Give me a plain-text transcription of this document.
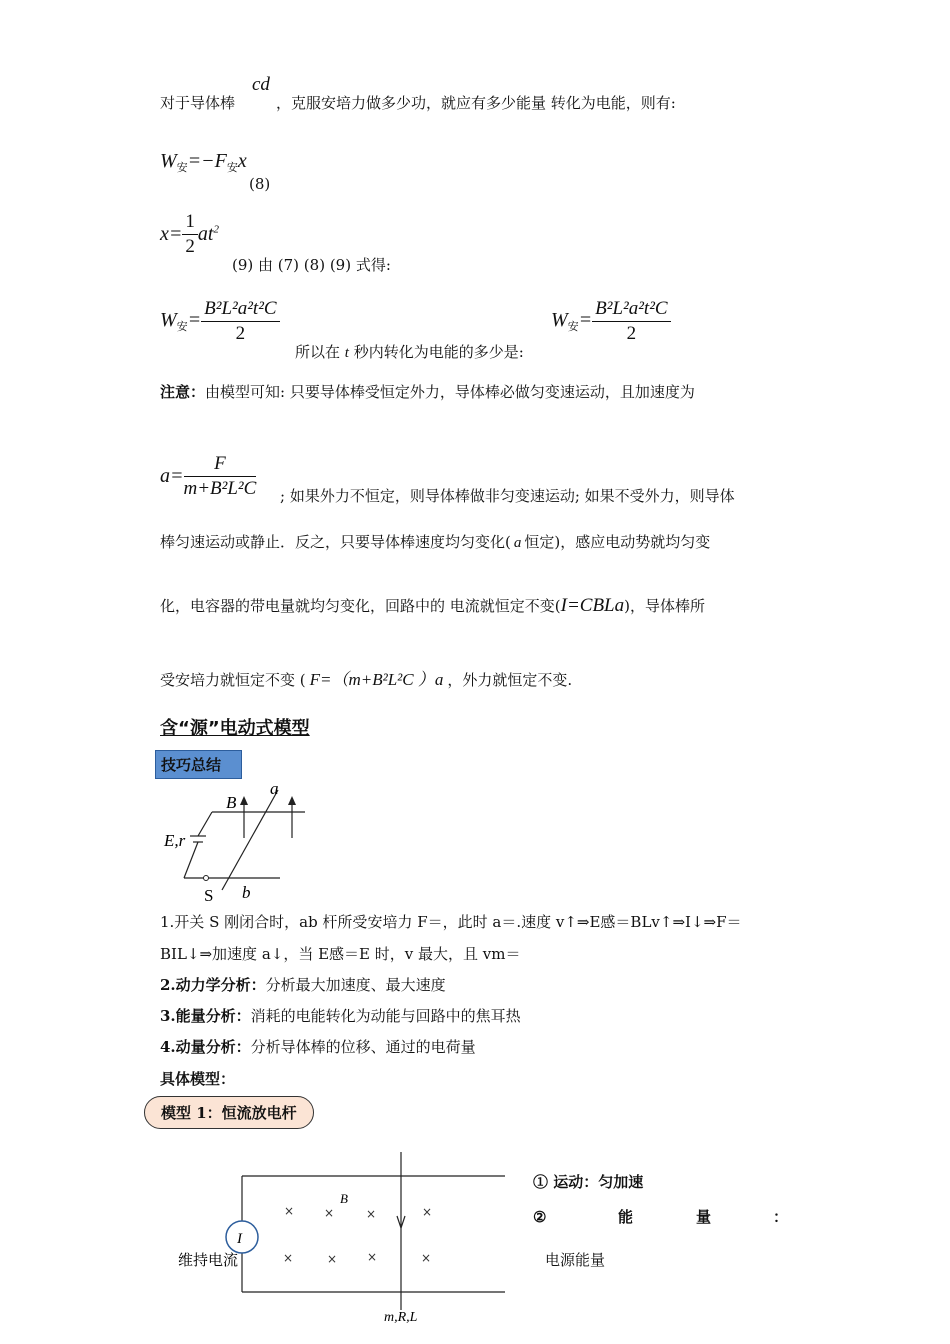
对于导体棒
cd
，克服安培力做多少功，就应有多少能量 转化为电能，则有:
$W_安=-F_安x$
(8)
$x= \frac{1}{2} at^2$
(9) 由 (7) (8) (9) 式得:
$W_安= \frac{\text{B²L²a²t²C}}{2}$
所以在 t 秒内转化为电能的多少是:
$W_安= \frac{\text{B²L²a²t²C}}{2}$
注意：由模型可知: 只要导体棒受恒定外力，导体棒必做匀变速运动，且加速度为
$a= \frac{F}{\text{m+B²L²C}}$ ; 如果外力不恒定，则导体棒做非匀变速运动; 如果不受外力，则导体
棒匀速运动或静止．反之，只要导体棒速度均匀变化( a 恒定)，感应电动势就均匀变
化，电容器的带电量就均匀变化，回路中的 电流就恒定不变(I=CBLa)，导体棒所
受安培力就恒定不变 ( F=（m+B²L²C ）a ，外力就恒定不变.
含“源”电动式模型
技巧总结
B
a
E,r
S b
1.开关 S 刚闭合时，ab 杆所受安培力 F＝，此时 a＝.速度 v↑⇒E感＝BLv↑⇒I↓⇒F＝
BIL↓⇒加速度 a↓，当 E感＝E 时，v 最大，且 vm＝
2.动力学分析：分析最大加速度、最大速度
3.能量分析：消耗的电能转化为动能与回路中的焦耳热
4.动量分析：分析导体棒的位移、通过的电荷量
具体模型：
模型 1：恒流放电杆
I
B
× ×	×	×
×	× ×	×
维持电流
m,R,L
① 运动：匀加速
②	能	量	：
电源能量
